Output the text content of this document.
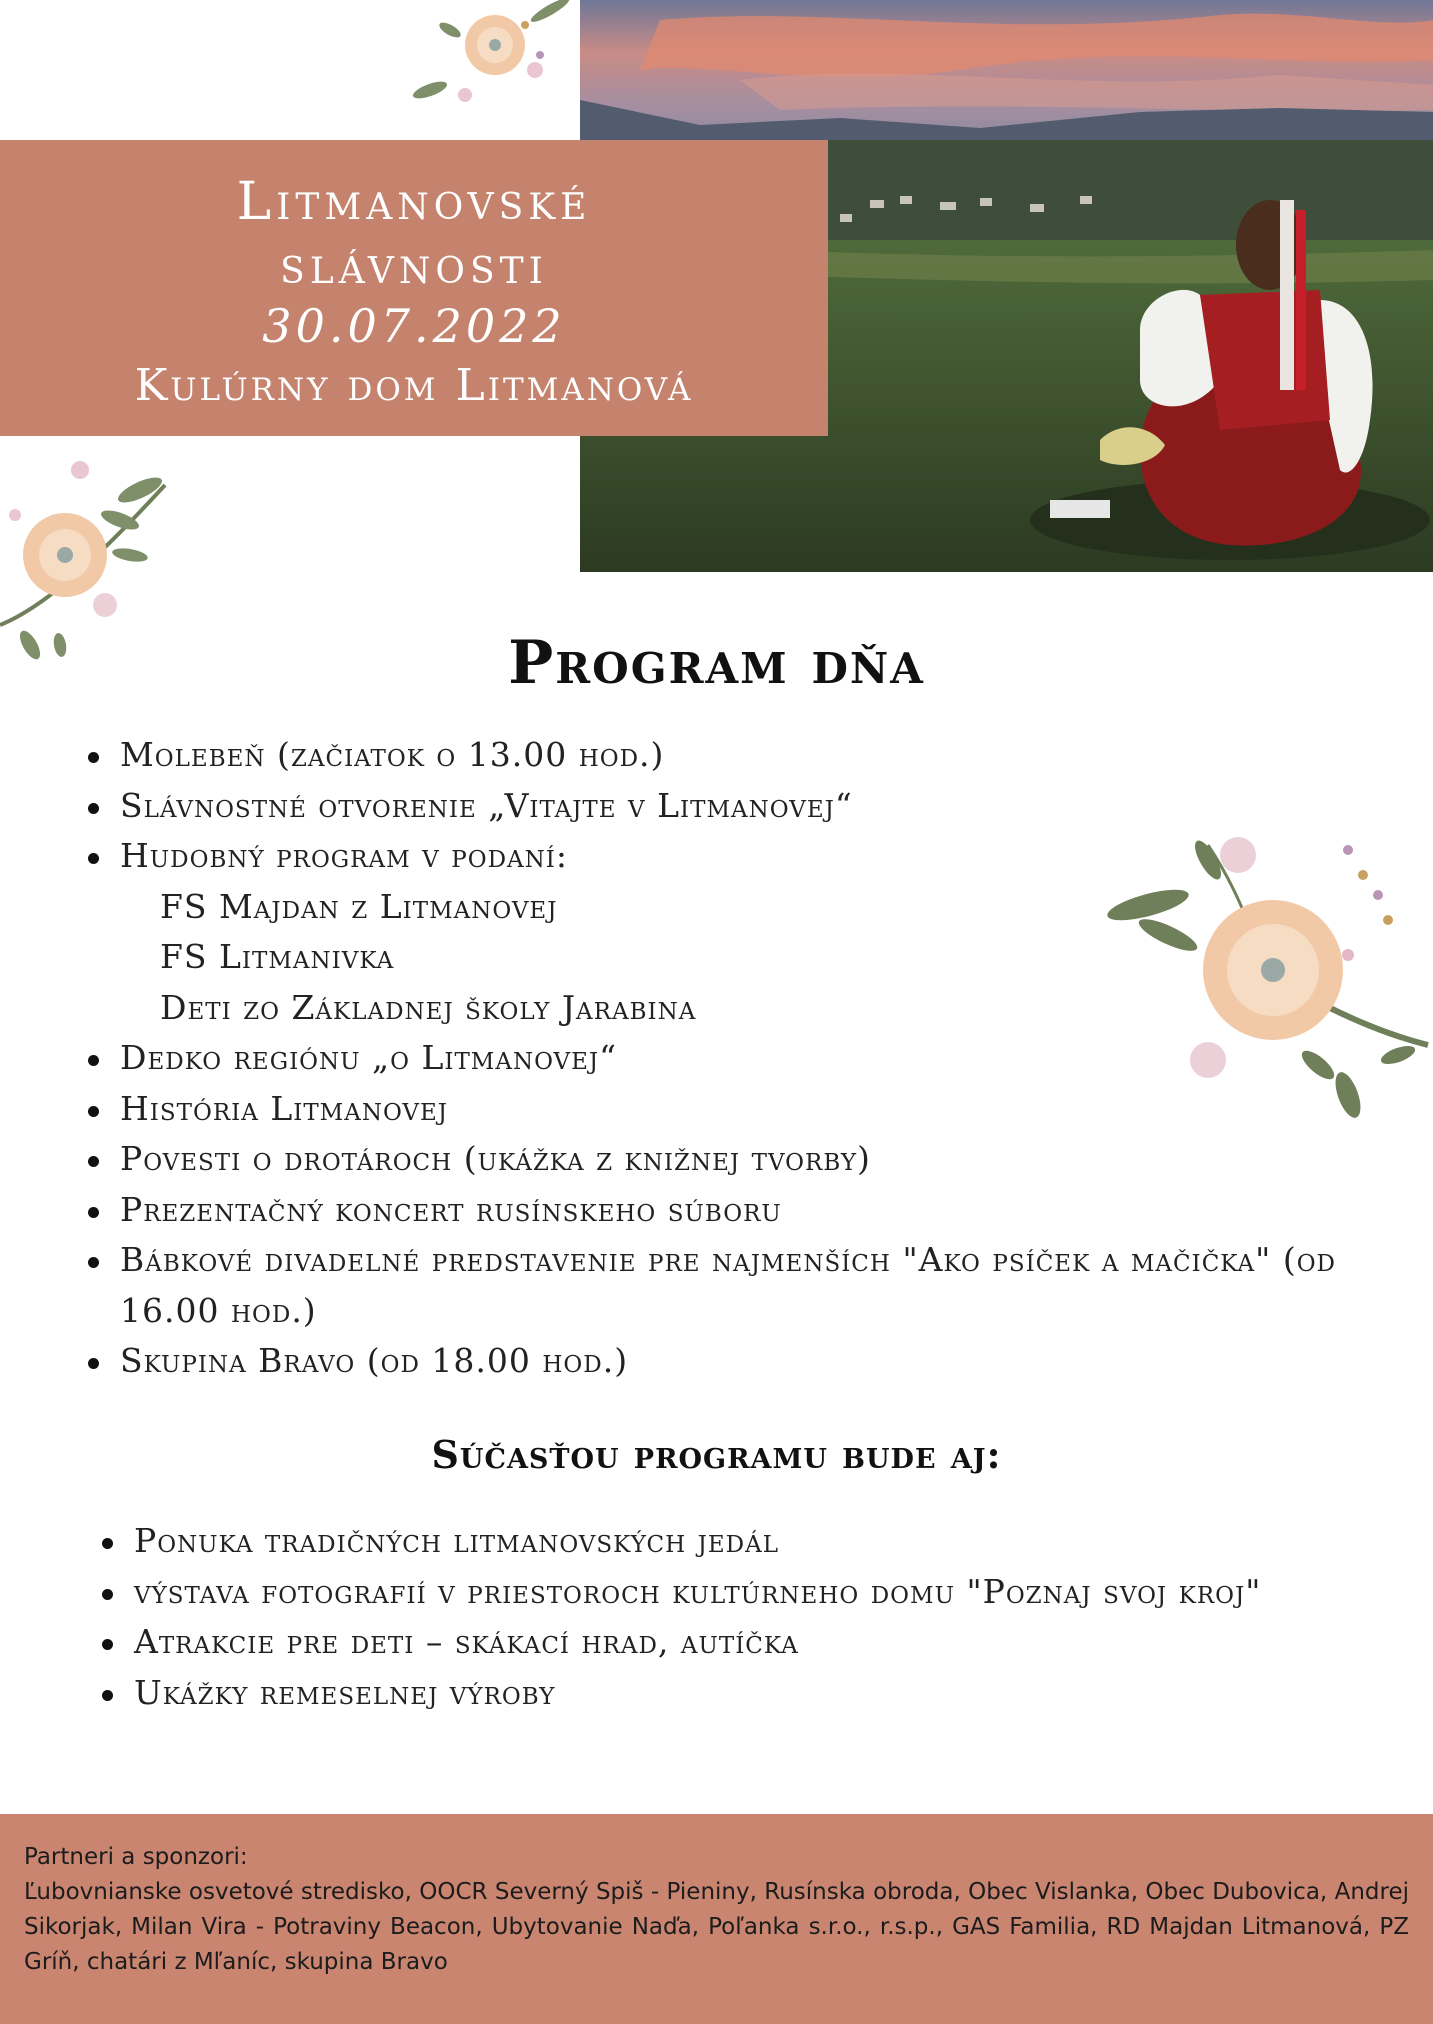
Litmanovské
slávnosti
30.07.2022
Kulúrny dom Litmanová
Program dňa
Molebeň (začiatok o 13.00 hod.)
Slávnostné otvorenie „Vitajte v Litmanovej“
Hudobný program v podaní:
FS Majdan z Litmanovej
FS Litmanivka
Deti zo Základnej školy Jarabina
Dedko regiónu „o Litmanovej“
História Litmanovej
Povesti o drotároch (ukážka z knižnej tvorby)
Prezentačný koncert rusínskeho súboru
Bábkové divadelné predstavenie pre najmenších "Ako psíček a mačička" (od 16.00 hod.)
Skupina Bravo (od 18.00 hod.)
Súčasťou programu bude aj:
Ponuka tradičných litmanovských jedál
výstava fotografií v priestoroch kultúrneho domu "Poznaj svoj kroj"
Atrakcie pre deti – skákací hrad, autíčka
Ukážky remeselnej výroby
Partneri a sponzori:
Ľubovnianske osvetové stredisko, OOCR Severný Spiš - Pieniny, Rusínska obroda, Obec Vislanka, Obec Dubovica, Andrej Sikorjak, Milan Vira - Potraviny Beacon, Ubytovanie Naďa, Poľanka s.r.o., r.s.p., GAS Familia, RD Majdan Litmanová, PZ Gríň, chatári z Mľaníc, skupina Bravo
